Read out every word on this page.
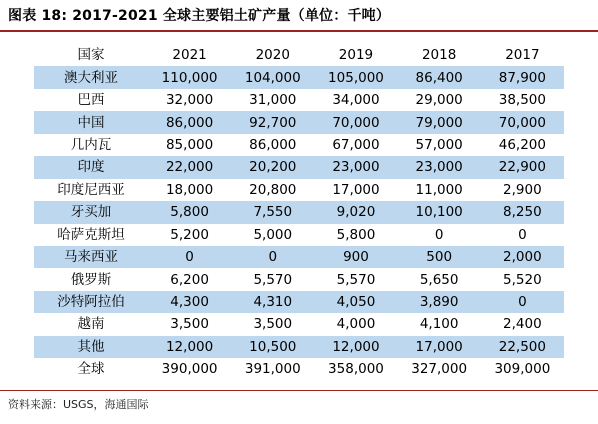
图表 18: 2017-2021 全球主要铝土矿产量（单位：千吨）
国家	2021	2020	2019	2018	2017
澳大利亚	110,000	104,000	105,000	86,400	87,900
巴西	32,000	31,000	34,000	29,000	38,500
中国	86,000	92,700	70,000	79,000	70,000
几内瓦	85,000	86,000	67,000	57,000	46,200
印度	22,000	20,200	23,000	23,000	22,900
印度尼西亚	18,000	20,800	17,000	11,000	2,900
牙买加	5,800	7,550	9,020	10,100	8,250
哈萨克斯坦	5,200	5,000	5,800	0	0
马来西亚	0	0	900	500	2,000
俄罗斯	6,200	5,570	5,570	5,650	5,520
沙特阿拉伯	4,300	4,310	4,050	3,890	0
越南	3,500	3,500	4,000	4,100	2,400
其他	12,000	10,500	12,000	17,000	22,500
全球	390,000	391,000	358,000	327,000	309,000
资料来源：USGS，海通国际
